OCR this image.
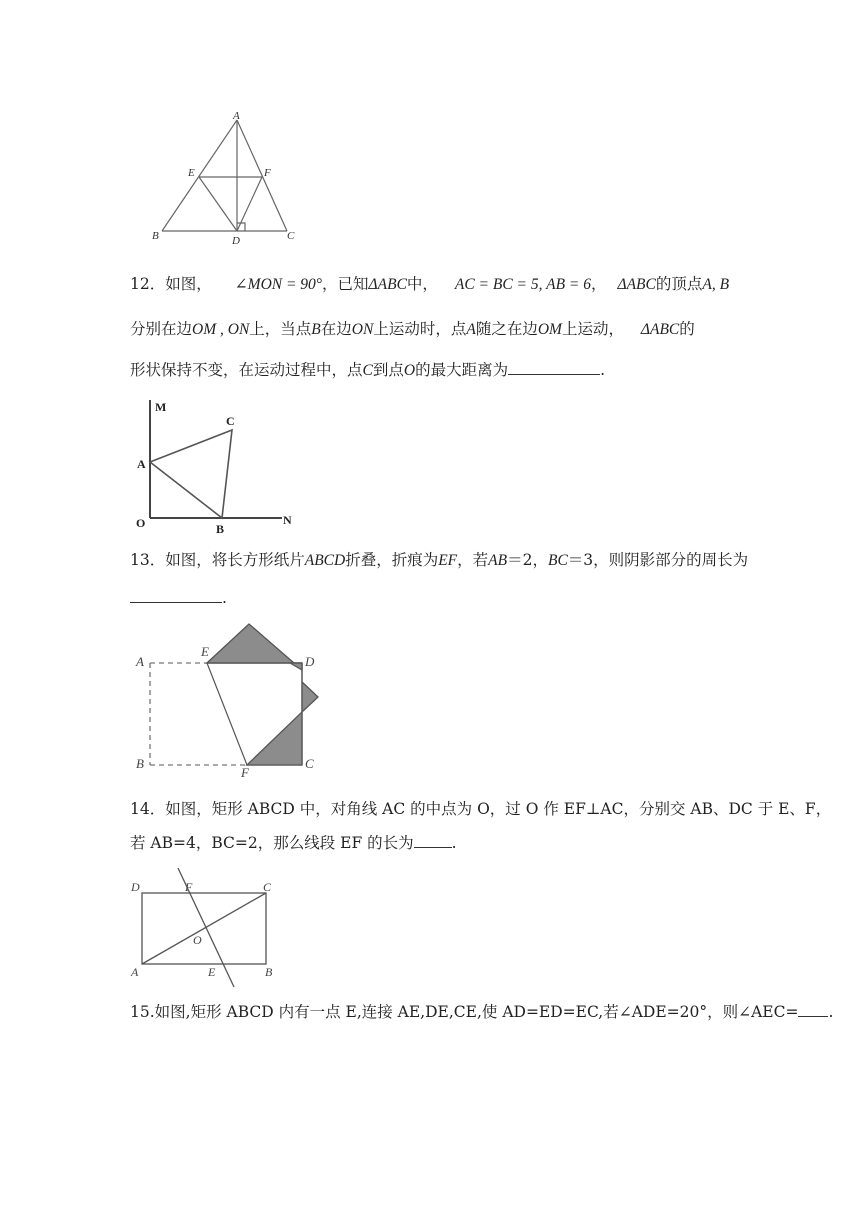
A
E	F
B	D	C
12．如图， ∠MON = 90°，已知ΔABC中， AC = BC = 5, AB = 6， ΔABC的顶点A, B
分别在边OM , ON上，当点B在边ON上运动时，点A随之在边OM上运动， ΔABC的
形状保持不变，在运动过程中，点C到点O的最大距离为	.
M
C
A
O	B
N
13．如图，将长方形纸片ABCD折叠，折痕为EF，若AB＝2，BC＝3，则阴影部分的周长为
.
A
E
D
B
F
C
14．如图，矩形 ABCD 中，对角线 AC 的中点为 O，过 O 作 EF⊥AC，分别交 AB、DC 于 E、F，
若 AB=4，BC=2，那么线段 EF 的长为 .
D	F	C
O
A	E	B
15.如图,矩形 ABCD 内有一点 E,连接 AE,DE,CE,使 AD=ED=EC,若∠ADE=20°，则∠AEC= .
